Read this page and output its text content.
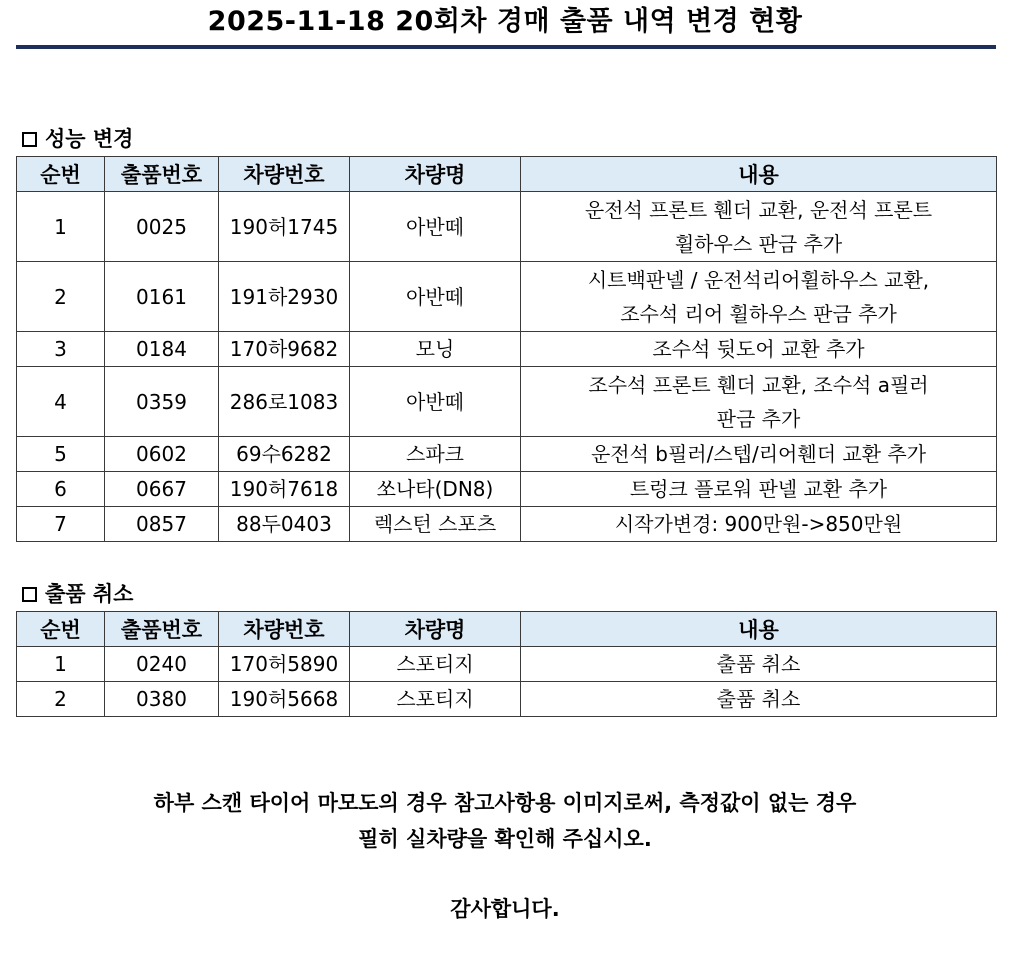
2025-11-18 20회차 경매 출품 내역 변경 현황
성능 변경
순번	출품번호	차량번호	차량명	내용
1	0025	190허1745	아반떼	운전석 프론트 휀더 교환, 운전석 프론트
휠하우스 판금 추가

2	0161	191하2930	아반떼	시트백판넬 / 운전석리어휠하우스 교환,
조수석 리어 휠하우스 판금 추가

3	0184	170하9682	모닝	조수석 뒷도어 교환 추가

4	0359	286로1083	아반떼	조수석 프론트 휀더 교환, 조수석 a필러
판금 추가

5	0602	69수6282	스파크	운전석 b필러/스텝/리어휀더 교환 추가

6	0667	190허7618	쏘나타(DN8)	트렁크 플로워 판넬 교환 추가

7	0857	88두0403	렉스턴 스포츠	시작가변경: 900만원->850만원
출품 취소
순번	출품번호	차량번호	차량명	내용
1	0240	170허5890	스포티지	출품 취소

2	0380	190허5668	스포티지	출품 취소
하부 스캔 타이어 마모도의 경우 참고사항용 이미지로써, 측정값이 없는 경우
필히 실차량을 확인해 주십시오.
감사합니다.
